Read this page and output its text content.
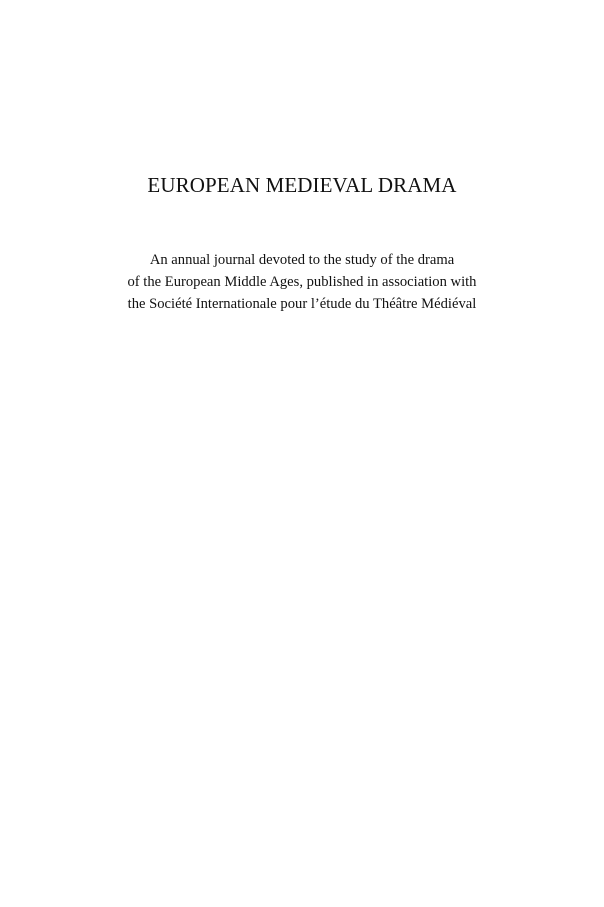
EUROPEAN MEDIEVAL DRAMA

An annual journal devoted to the study of the drama
of the European Middle Ages, published in association with
the Société Internationale pour l’étude du Théâtre Médiéval
